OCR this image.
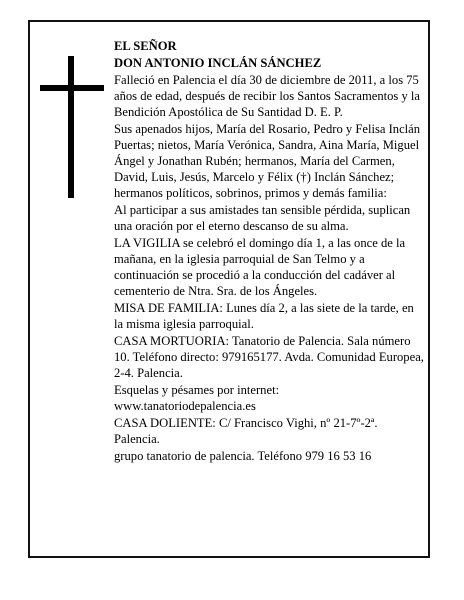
EL SEÑOR

DON ANTONIO INCLÁN SÁNCHEZ

Falleció en Palencia el día 30 de diciembre de 2011, a los 75 años de edad, después de recibir los Santos Sacramentos y la Bendición Apostólica de Su Santidad D. E. P.

Sus apenados hijos, María del Rosario, Pedro y Felisa Inclán Puertas; nietos, María Verónica, Sandra, Aina María, Miguel Ángel y Jonathan Rubén; hermanos, María del Carmen, David, Luis, Jesús, Marcelo y Félix (†) Inclán Sánchez; hermanos políticos, sobrinos, primos y demás familia:

Al participar a sus amistades tan sensible pérdida, suplican una oración por el eterno descanso de su alma.

LA VIGILIA se celebró el domingo día 1, a las once de la mañana, en la iglesia parroquial de San Telmo y a continuación se procedió a la conducción del cadáver al cementerio de Ntra. Sra. de los Ángeles.

MISA DE FAMILIA: Lunes día 2, a las siete de la tarde, en la misma iglesia parroquial.

CASA MORTUORIA: Tanatorio de Palencia. Sala número 10. Teléfono directo: 979165177. Avda. Comunidad Europea, 2-4. Palencia.

Esquelas y pésames por internet: www.tanatoriodepalencia.es

CASA DOLIENTE: C/ Francisco Vighi, nº 21-7º-2ª. Palencia.

grupo tanatorio de palencia. Teléfono 979 16 53 16
